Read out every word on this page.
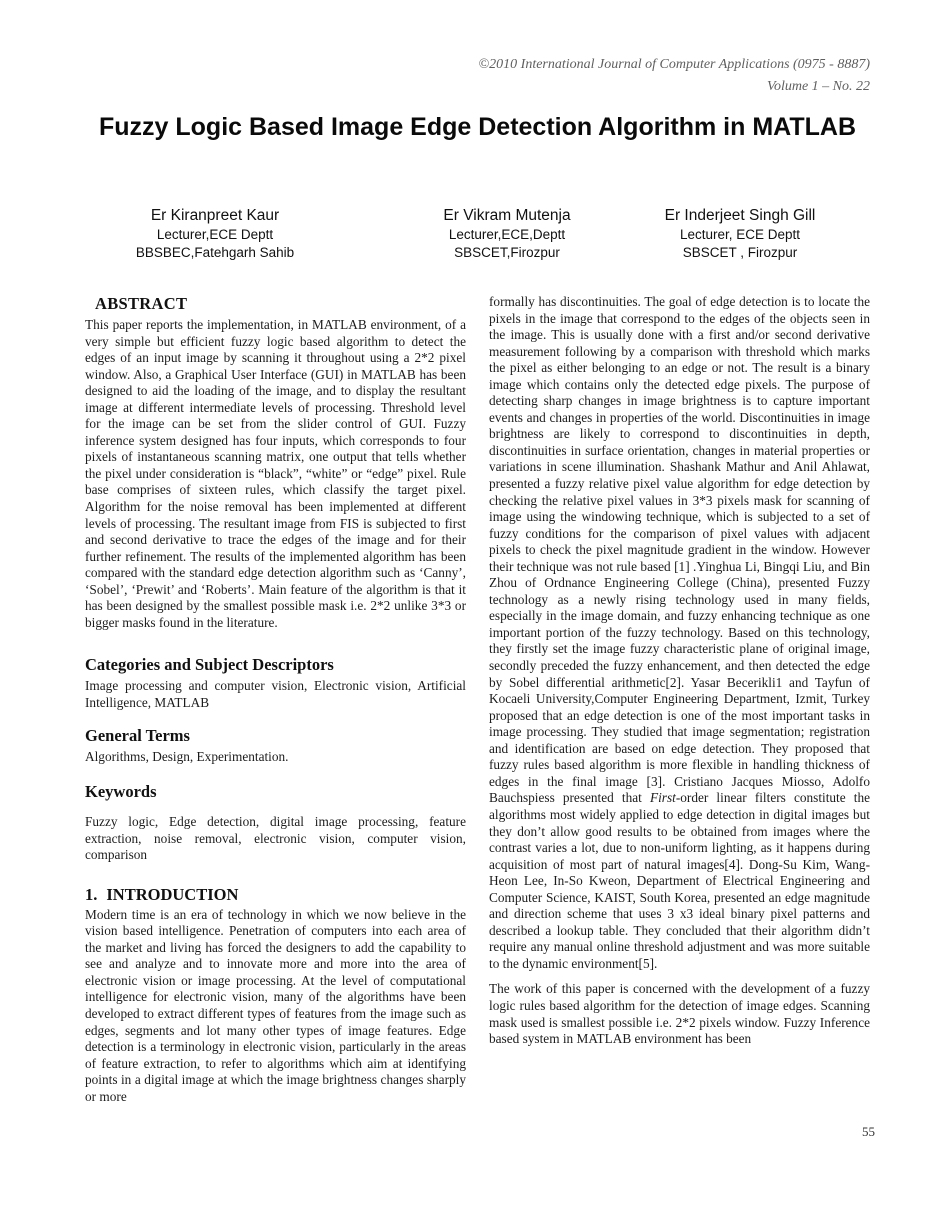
©2010 International Journal of Computer Applications (0975 - 8887)
Volume 1 – No. 22
Fuzzy Logic Based Image Edge Detection Algorithm in MATLAB
Er Kiranpreet Kaur
Lecturer,ECE Deptt
BBSBEC,Fatehgarh Sahib
Er Vikram Mutenja
Lecturer,ECE,Deptt
SBSCET,Firozpur
Er Inderjeet Singh Gill
Lecturer, ECE Deptt
SBSCET , Firozpur
ABSTRACT

This paper reports the implementation, in MATLAB environment, of a very simple but efficient fuzzy logic based algorithm to detect the edges of an input image by scanning it throughout using a 2*2 pixel window. Also, a Graphical User Interface (GUI) in MATLAB has been designed to aid the loading of the image, and to display the resultant image at different intermediate levels of processing. Threshold level for the image can be set from the slider control of GUI. Fuzzy inference system designed has four inputs, which corresponds to four pixels of instantaneous scanning matrix, one output that tells whether the pixel under consideration is “black”, “white” or “edge” pixel. Rule base comprises of sixteen rules, which classify the target pixel. Algorithm for the noise removal has been implemented at different levels of processing. The resultant image from FIS is subjected to first and second derivative to trace the edges of the image and for their further refinement. The results of the implemented algorithm has been compared with the standard edge detection algorithm such as ‘Canny’, ‘Sobel’, ‘Prewit’ and ‘Roberts’. Main feature of the algorithm is that it has been designed by the smallest possible mask i.e. 2*2 unlike 3*3 or bigger masks found in the literature.

Categories and Subject Descriptors

Image processing and computer vision, Electronic vision, Artificial Intelligence, MATLAB

General Terms

Algorithms, Design, Experimentation.

Keywords

Fuzzy logic, Edge detection, digital image processing, feature extraction, noise removal, electronic vision, computer vision, comparison

1. INTRODUCTION

Modern time is an era of technology in which we now believe in the vision based intelligence. Penetration of computers into each area of the market and living has forced the designers to add the capability to see and analyze and to innovate more and more into the area of electronic vision or image processing. At the level of computational intelligence for electronic vision, many of the algorithms have been developed to extract different types of features from the image such as edges, segments and lot many other types of image features. Edge detection is a terminology in electronic vision, particularly in the areas of feature extraction, to refer to algorithms which aim at identifying points in a digital image at which the image brightness changes sharply or more

formally has discontinuities. The goal of edge detection is to locate the pixels in the image that correspond to the edges of the objects seen in the image. This is usually done with a first and/or second derivative measurement following by a comparison with threshold which marks the pixel as either belonging to an edge or not. The result is a binary image which contains only the detected edge pixels. The purpose of detecting sharp changes in image brightness is to capture important events and changes in properties of the world. Discontinuities in image brightness are likely to correspond to discontinuities in depth, discontinuities in surface orientation, changes in material properties or variations in scene illumination. Shashank Mathur and Anil Ahlawat, presented a fuzzy relative pixel value algorithm for edge detection by checking the relative pixel values in 3*3 pixels mask for scanning of image using the windowing technique, which is subjected to a set of fuzzy conditions for the comparison of pixel values with adjacent pixels to check the pixel magnitude gradient in the window. However their technique was not rule based [1] .Yinghua Li, Bingqi Liu, and Bin Zhou of Ordnance Engineering College (China), presented Fuzzy technology as a newly rising technology used in many fields, especially in the image domain, and fuzzy enhancing technique as one important portion of the fuzzy technology. Based on this technology, they firstly set the image fuzzy characteristic plane of original image, secondly preceded the fuzzy enhancement, and then detected the edge by Sobel differential arithmetic[2]. Yasar Becerikli1 and Tayfun of Kocaeli University,Computer Engineering Department, Izmit, Turkey proposed that an edge detection is one of the most important tasks in image processing. They studied that image segmentation; registration and identification are based on edge detection. They proposed that fuzzy rules based algorithm is more flexible in handling thickness of edges in the final image [3]. Cristiano Jacques Miosso, Adolfo Bauchspiess presented that First-order linear filters constitute the algorithms most widely applied to edge detection in digital images but they don’t allow good results to be obtained from images where the contrast varies a lot, due to non-uniform lighting, as it happens during acquisition of most part of natural images[4]. Dong-Su Kim, Wang-Heon Lee, In-So Kweon, Department of Electrical Engineering and Computer Science, KAIST, South Korea, presented an edge magnitude and direction scheme that uses 3 x3 ideal binary pixel patterns and described a lookup table. They concluded that their algorithm didn’t require any manual online threshold adjustment and was more suitable to the dynamic environment[5].

The work of this paper is concerned with the development of a fuzzy logic rules based algorithm for the detection of image edges. Scanning mask used is smallest possible i.e. 2*2 pixels window. Fuzzy Inference based system in MATLAB environment has been

55
